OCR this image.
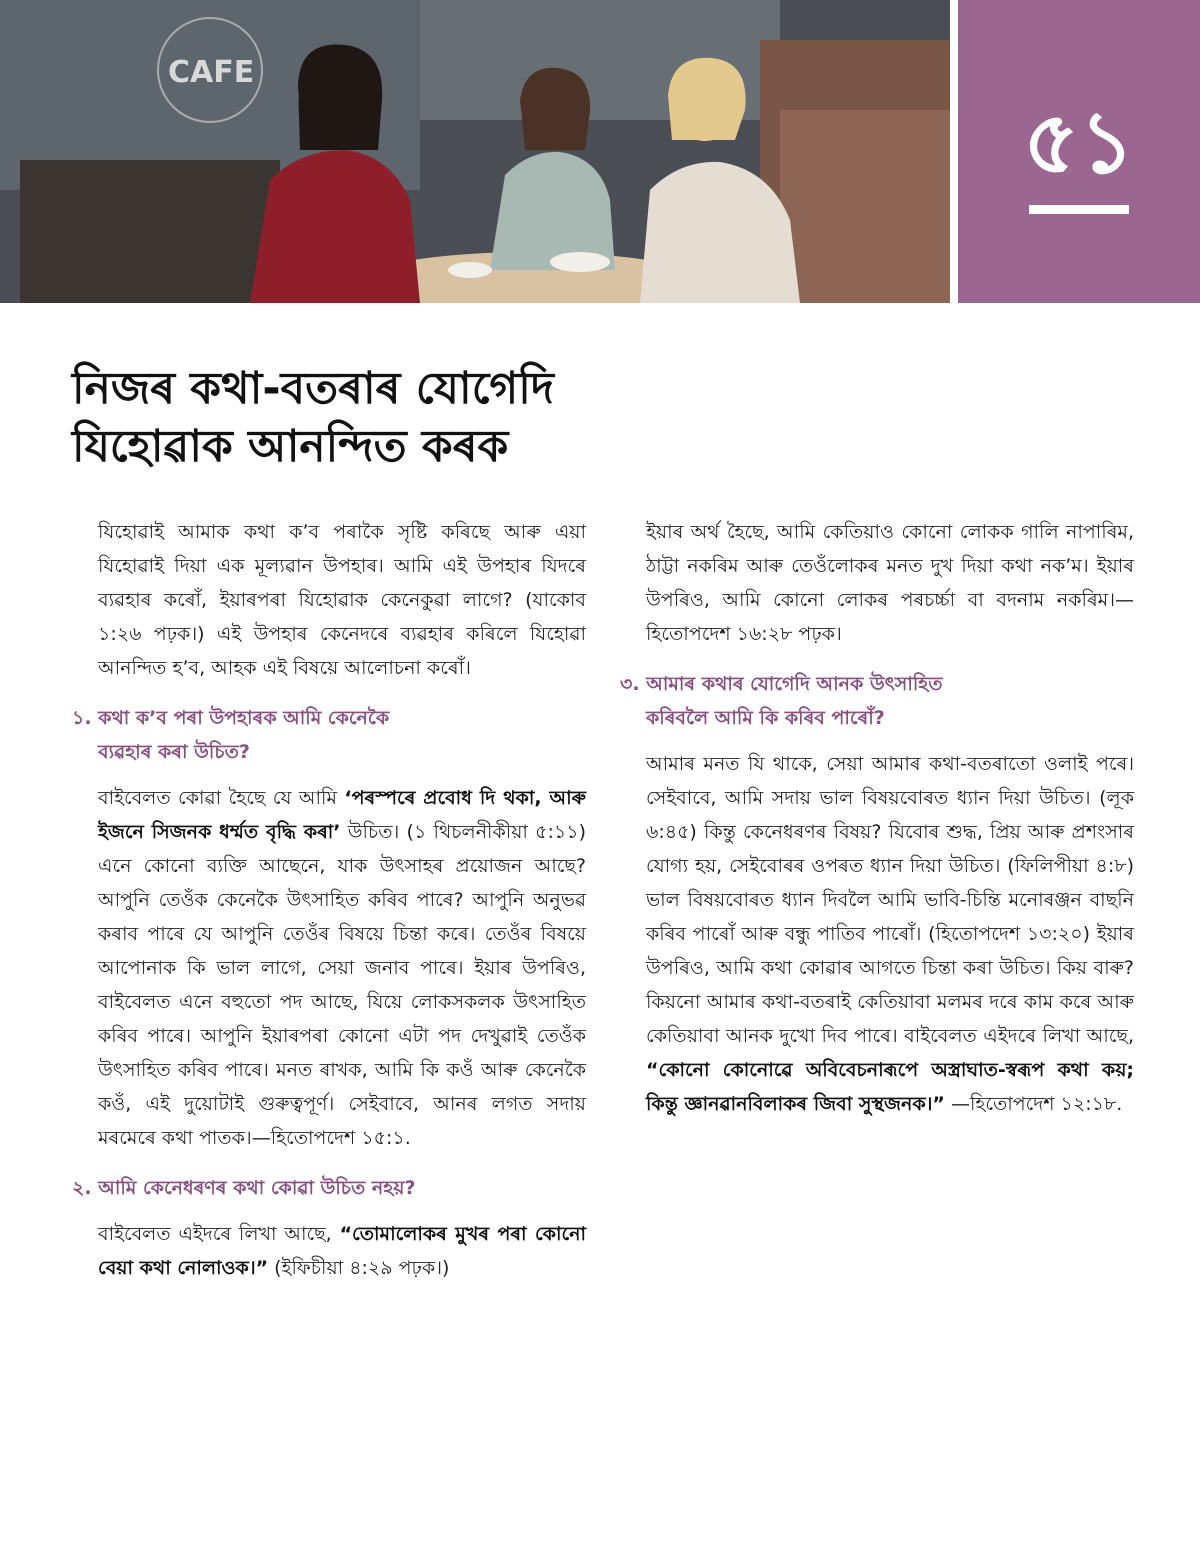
CAFE
৫১
নিজৰ কথা-বতৰাৰ যোগেদি
যিহোৱাক আনন্দিত কৰক

যিহোৱাই আমাক কথা ক’ব পৰাকৈ সৃষ্টি কৰিছে আৰু এয়া যিহোৱাই দিয়া এক মূল্যৱান উপহাৰ। আমি এই উপহাৰ যিদৰে ব্যৱহাৰ কৰোঁ, ইয়াৰপৰা যিহোৱাক কেনেকুৱা লাগে? (যাকোব ১:২৬ পঢ়ক।) এই উপহাৰ কেনেদৰে ব্যৱহাৰ কৰিলে যিহোৱা আনন্দিত হ’ব, আহক এই বিষয়ে আলোচনা কৰোঁ।

১. কথা ক’ব পৰা উপহাৰক আমি কেনেকৈ
ব্যৱহাৰ কৰা উচিত?

বাইবেলত কোৱা হৈছে যে আমি ‘পৰস্পৰে প্ৰবোধ দি থকা, আৰু ইজনে সিজনক ধৰ্ম্মত বৃদ্ধি কৰা’ উচিত। (১ থিচলনীকীয়া ৫:১১) এনে কোনো ব্যক্তি আছেনে, যাক উৎসাহৰ প্ৰয়োজন আছে? আপুনি তেওঁক কেনেকৈ উৎসাহিত কৰিব পাৰে? আপুনি অনুভৱ কৰাব পাৰে যে আপুনি তেওঁৰ বিষয়ে চিন্তা কৰে। তেওঁৰ বিষয়ে আপোনাক কি ভাল লাগে, সেয়া জনাব পাৰে। ইয়াৰ উপৰিও, বাইবেলত এনে বহুতো পদ আছে, যিয়ে লোকসকলক উৎসাহিত কৰিব পাৰে। আপুনি ইয়াৰপৰা কোনো এটা পদ দেখুৱাই তেওঁক উৎসাহিত কৰিব পাৰে। মনত ৰাখক, আমি কি কওঁ আৰু কেনেকৈ কওঁ, এই দুয়োটাই গুৰুত্বপূৰ্ণ। সেইবাবে, আনৰ লগত সদায় মৰমেৰে কথা পাতক।—হিতোপদেশ ১৫:১.

২. আমি কেনেধৰণৰ কথা কোৱা উচিত নহয়?

বাইবেলত এইদৰে লিখা আছে, “তোমালোকৰ মুখৰ পৰা কোনো বেয়া কথা নোলাওক।” (ইফিচীয়া ৪:২৯ পঢ়ক।)

ইয়াৰ অৰ্থ হৈছে, আমি কেতিয়াও কোনো লোকক গালি নাপাৰিম, ঠাট্টা নকৰিম আৰু তেওঁলোকৰ মনত দুখ দিয়া কথা নক’ম। ইয়াৰ উপৰিও, আমি কোনো লোকৰ পৰচৰ্চ্চা বা বদনাম নকৰিম।—হিতোপদেশ ১৬:২৮ পঢ়ক।

৩. আমাৰ কথাৰ যোগেদি আনক উৎসাহিত
কৰিবলৈ আমি কি কৰিব পাৰোঁ?

আমাৰ মনত যি থাকে, সেয়া আমাৰ কথা-বতৰাতো ওলাই পৰে। সেইবাবে, আমি সদায় ভাল বিষয়বোৰত ধ্যান দিয়া উচিত। (লূক ৬:৪৫) কিন্তু কেনেধৰণৰ বিষয়? যিবোৰ শুদ্ধ, প্ৰিয় আৰু প্ৰশংসাৰ যোগ্য হয়, সেইবোৰৰ ওপৰত ধ্যান দিয়া উচিত। (ফিলিপীয়া ৪:৮) ভাল বিষয়বোৰত ধ্যান দিবলৈ আমি ভাবি-চিন্তি মনোৰঞ্জন বাছনি কৰিব পাৰোঁ আৰু বন্ধু পাতিব পাৰোঁ। (হিতোপদেশ ১৩:২০) ইয়াৰ উপৰিও, আমি কথা কোৱাৰ আগতে চিন্তা কৰা উচিত। কিয় বাৰু? কিয়নো আমাৰ কথা-বতৰাই কেতিয়াবা মলমৰ দৰে কাম কৰে আৰু কেতিয়াবা আনক দুখো দিব পাৰে। বাইবেলত এইদৰে লিখা আছে, “কোনো কোনোৱে অবিবেচনাৰূপে অস্ত্ৰাঘাত-স্বৰূপ কথা কয়; কিন্তু জ্ঞানৱানবিলাকৰ জিবা সুস্থজনক।” —হিতোপদেশ ১২:১৮.
